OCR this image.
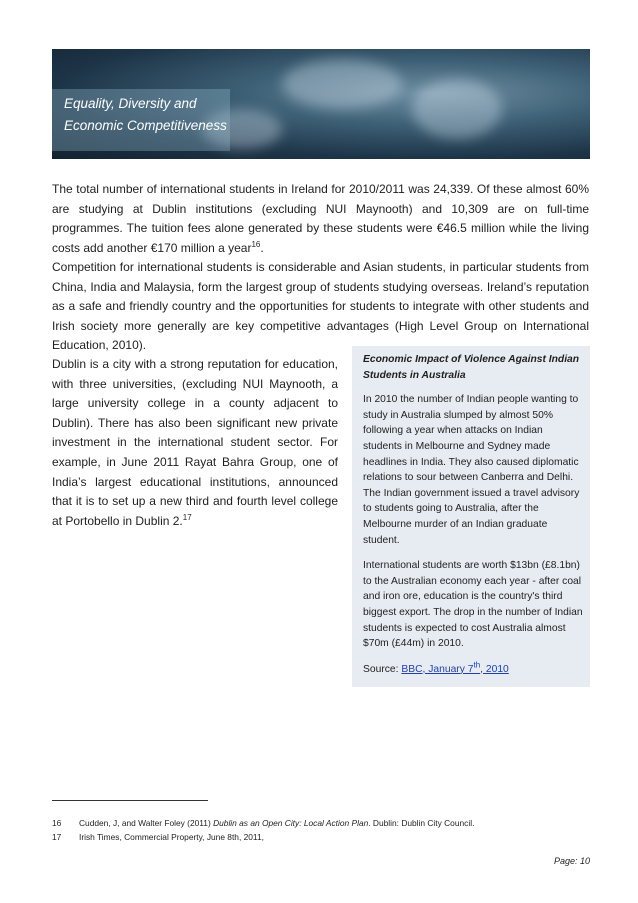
Equality, Diversity and
Economic Competitiveness
The total number of international students in Ireland for 2010/2011 was 24,339. Of these almost 60% are studying at Dublin institutions (excluding NUI Maynooth) and 10,309 are on full-time programmes. The tuition fees alone generated by these students were €46.5 million while the living costs add another €170 million a year$^{16}$.
Competition for international students is considerable and Asian students, in particular students from China, India and Malaysia, form the largest group of students studying overseas. Ireland’s reputation as a safe and friendly country and the opportunities for students to integrate with other students and Irish society more generally are key competitive advantages (High Level Group on International Education, 2010).
Dublin is a city with a strong reputation for education, with three universities, (excluding NUI Maynooth, a large university college in a county adjacent to Dublin). There has also been significant new private investment in the international student sector. For example, in June 2011 Rayat Bahra Group, one of India’s largest educational institutions, announced that it is to set up a new third and fourth level college at Portobello in Dublin 2.17
Economic Impact of Violence Against Indian Students in Australia

In 2010 the number of Indian people wanting to study in Australia slumped by almost 50% following a year when attacks on Indian students in Melbourne and Sydney made headlines in India. They also caused diplomatic relations to sour between Canberra and Delhi. The Indian government issued a travel advisory to students going to Australia, after the Melbourne murder of an Indian graduate student.

International students are worth $13bn (£8.1bn) to the Australian economy each year - after coal and iron ore, education is the country's third biggest export. The drop in the number of Indian students is expected to cost Australia almost $70m (£44m) in 2010.

Source: BBC, January 7th, 2010

16 Cudden, J, and Walter Foley (2011) Dublin as an Open City: Local Action Plan. Dublin: Dublin City Council.
17 Irish Times, Commercial Property, June 8th, 2011,
Page: 10
